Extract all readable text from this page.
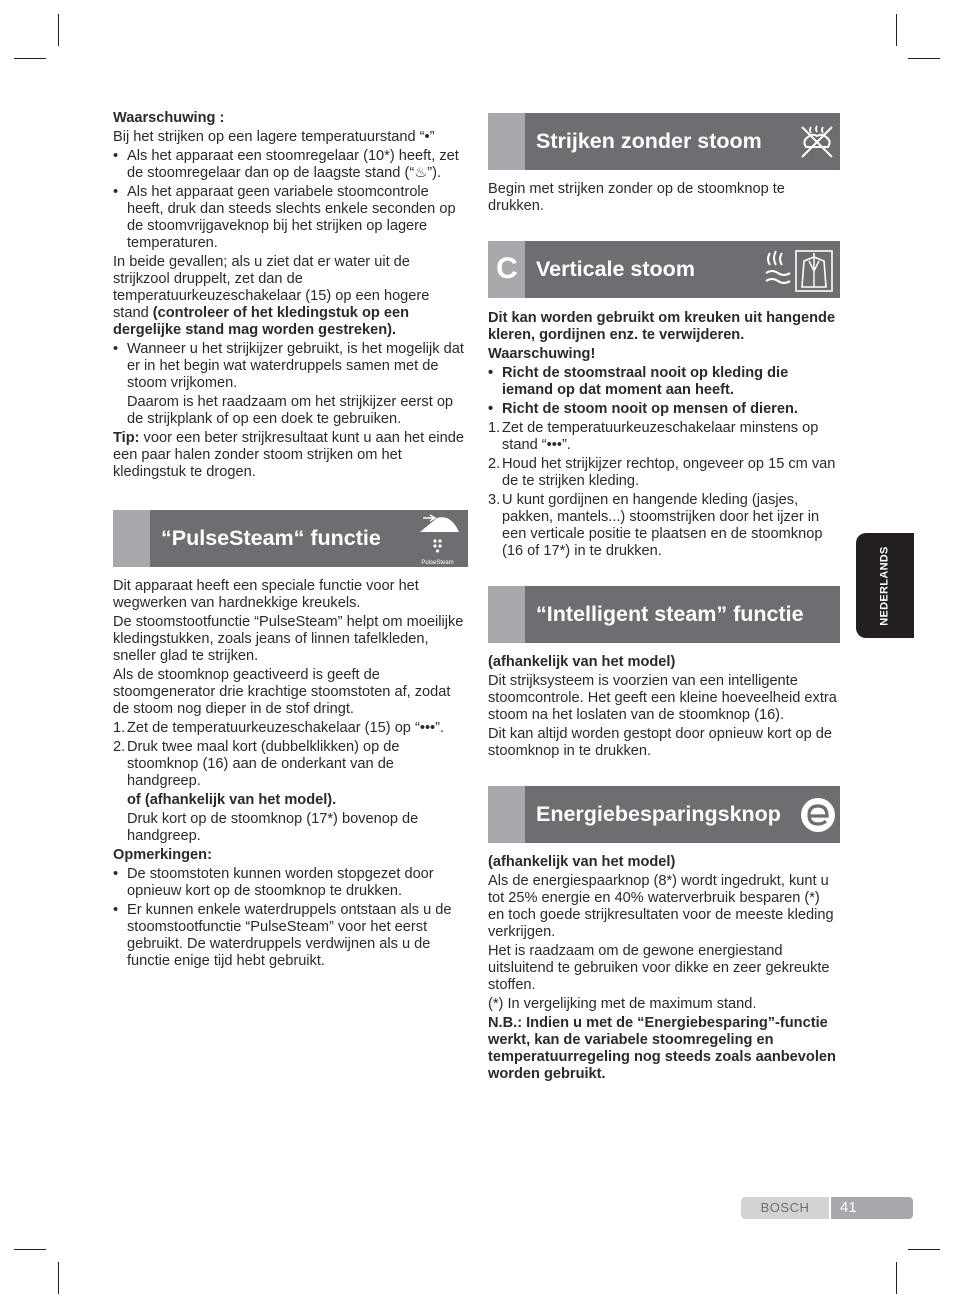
Waarschuwing :

Bij het strijken op een lagere temperatuurstand “•”

• Als het apparaat een stoomregelaar (10*) heeft, zet de stoomregelaar dan op de laagste stand (“♨”).
• Als het apparaat geen variabele stoomcontrole heeft, druk dan steeds slechts enkele seconden op de stoomvrijgaveknop bij het strijken op lagere temperaturen.

In beide gevallen; als u ziet dat er water uit de strijkzool druppelt, zet dan de temperatuurkeuzeschakelaar (15) op een hogere stand (controleer of het kledingstuk op een dergelijke stand mag worden gestreken).

• Wanneer u het strijkijzer gebruikt, is het mogelijk dat er in het begin wat waterdruppels samen met de stoom vrijkomen.
Daarom is het raadzaam om het strijkijzer eerst op de strijkplank of op een doek te gebruiken.

Tip: voor een beter strijkresultaat kunt u aan het einde een paar halen zonder stoom strijken om het kledingstuk te drogen.

“PulseSteam“ functie
PulseSteam

Dit apparaat heeft een speciale functie voor het wegwerken van hardnekkige kreukels.

De stoomstootfunctie “PulseSteam” helpt om moeilijke kledingstukken, zoals jeans of linnen tafelkleden, sneller glad te strijken.

Als de stoomknop geactiveerd is geeft de stoomgenerator drie krachtige stoomstoten af, zodat de stoom nog dieper in de stof dringt.

1. Zet de temperatuurkeuzeschakelaar (15) op “•••”.
2. Druk twee maal kort (dubbelklikken) op de stoomknop (16) aan de onderkant van de handgreep.
of (afhankelijk van het model).
Druk kort op de stoomknop (17*) bovenop de handgreep.

Opmerkingen:

• De stoomstoten kunnen worden stopgezet door opnieuw kort op de stoomknop te drukken.
• Er kunnen enkele waterdruppels ontstaan als u de stoomstootfunctie “PulseSteam” voor het eerst gebruikt. De waterdruppels verdwijnen als u de functie enige tijd hebt gebruikt.
Strijken zonder stoom

Begin met strijken zonder op de stoomknop te drukken.

C Verticale stoom

Dit kan worden gebruikt om kreuken uit hangende kleren, gordijnen enz. te verwijderen.

Waarschuwing!

• Richt de stoomstraal nooit op kleding die iemand op dat moment aan heeft.
• Richt de stoom nooit op mensen of dieren.
1. Zet de temperatuurkeuzeschakelaar minstens op stand “•••”.
2. Houd het strijkijzer rechtop, ongeveer op 15 cm van de te strijken kleding.
3. U kunt gordijnen en hangende kleding (jasjes, pakken, mantels...) stoomstrijken door het ijzer in een verticale positie te plaatsen en de stoomknop (16 of 17*) in te drukken.
“Intelligent steam” functie

(afhankelijk van het model)

Dit strijksysteem is voorzien van een intelligente stoomcontrole. Het geeft een kleine hoeveelheid extra stoom na het loslaten van de stoomknop (16).

Dit kan altijd worden gestopt door opnieuw kort op de stoomknop in te drukken.

Energiebesparingsknop

(afhankelijk van het model)

Als de energiespaarknop (8*) wordt ingedrukt, kunt u tot 25% energie en 40% waterverbruik besparen (*) en toch goede strijkresultaten voor de meeste kleding verkrijgen.

Het is raadzaam om de gewone energiestand uitsluitend te gebruiken voor dikke en zeer gekreukte stoffen.

(*) In vergelijking met de maximum stand.

N.B.: Indien u met de “Energiebesparing”-functie werkt, kan de variabele stoomregeling en temperatuurregeling nog steeds zoals aanbevolen worden gebruikt.

NEDERLANDS
BOSCH	41
